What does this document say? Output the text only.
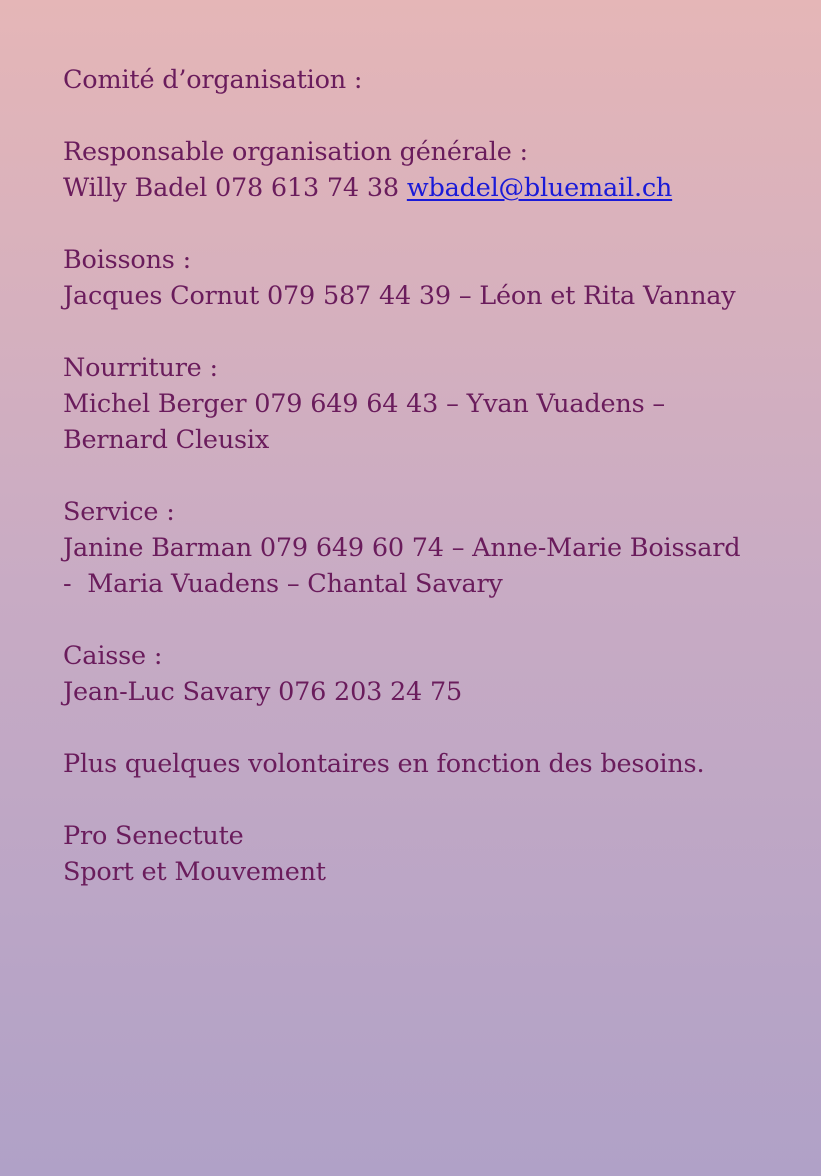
Comité d’organisation :
Responsable organisation générale :
Willy Badel 078 613 74 38 wbadel@bluemail.ch
Boissons :
Jacques Cornut 079 587 44 39 – Léon et Rita Vannay
Nourriture :
Michel Berger 079 649 64 43 – Yvan Vuadens –
Bernard Cleusix
Service :
Janine Barman 079 649 60 74 – Anne-Marie Boissard
-  Maria Vuadens – Chantal Savary
Caisse :
Jean-Luc Savary 076 203 24 75
Plus quelques volontaires en fonction des besoins.
Pro Senectute
Sport et Mouvement
